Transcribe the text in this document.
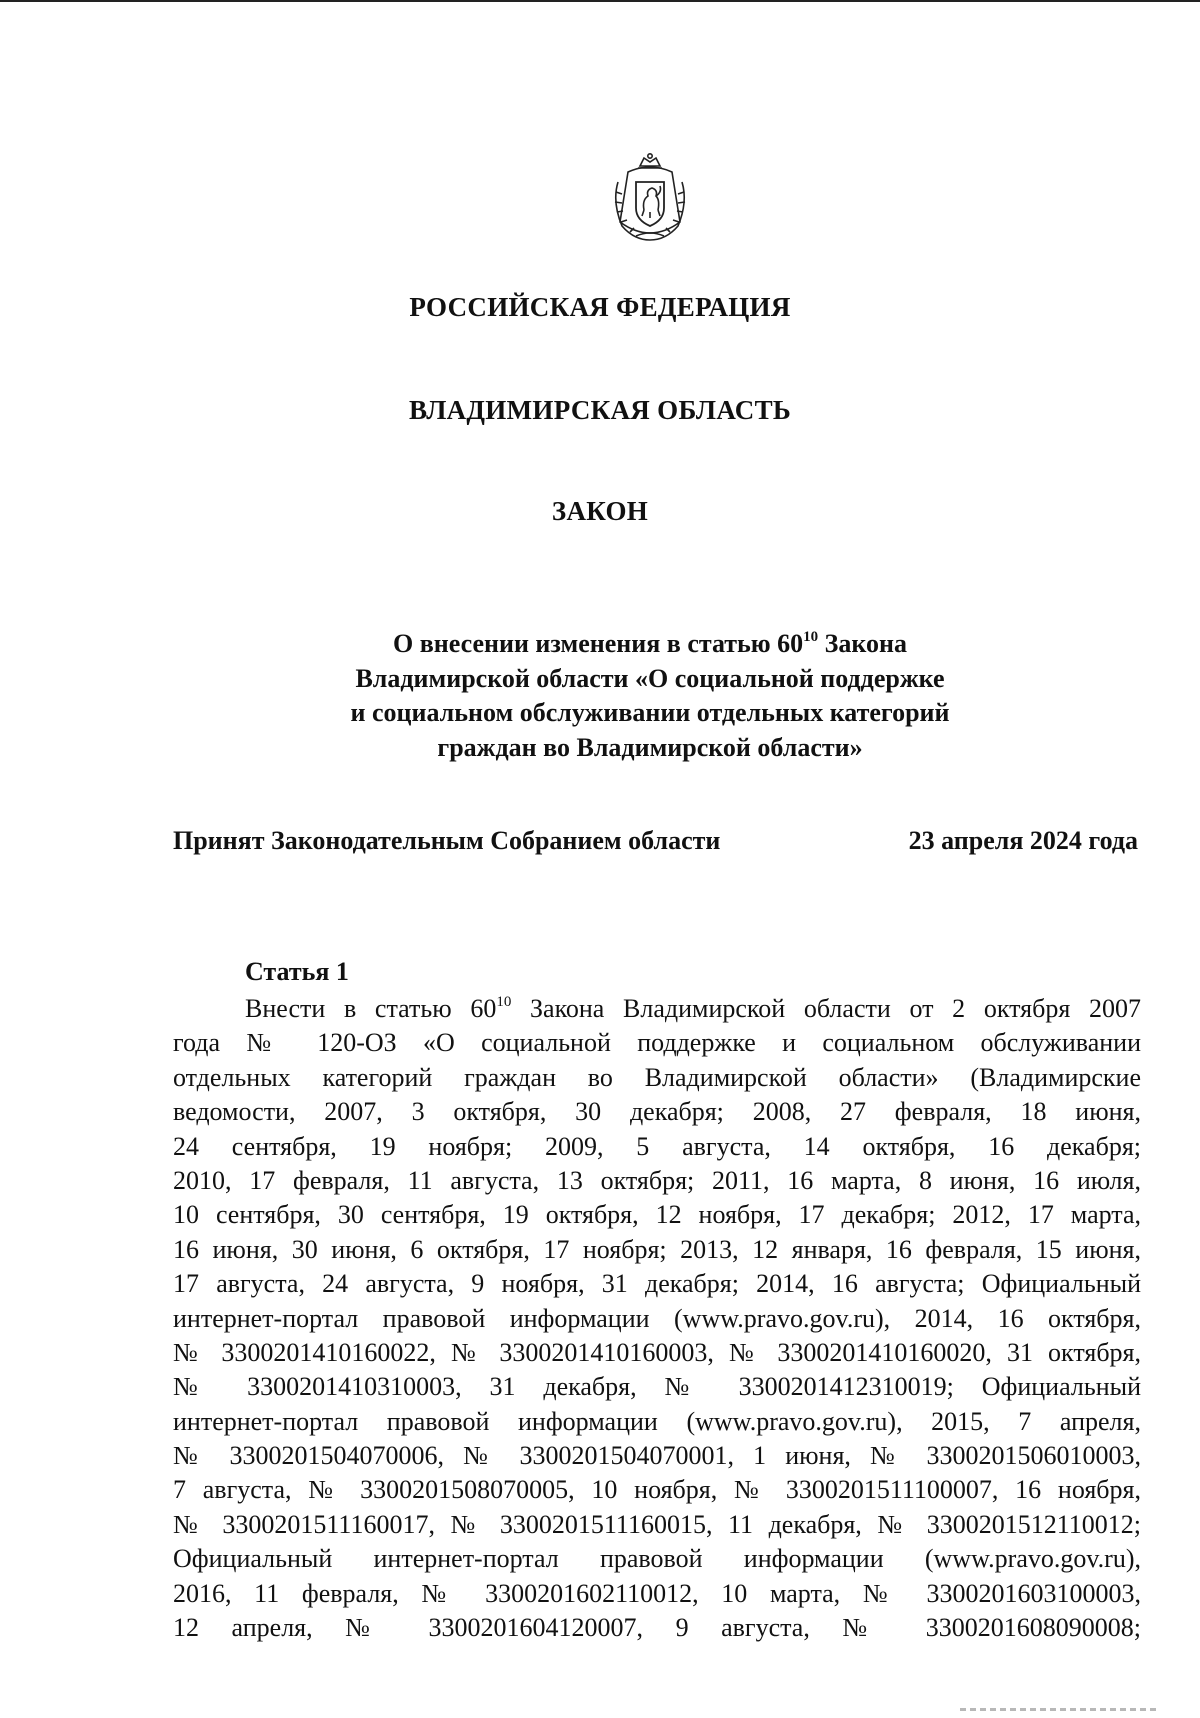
РОССИЙСКАЯ ФЕДЕРАЦИЯ
ВЛАДИМИРСКАЯ ОБЛАСТЬ
ЗАКОН
О внесении изменения в статью $60^{10}$ Закона
Владимирской области «О социальной поддержке
и социальном обслуживании отдельных категорий
граждан во Владимирской области»
Принят Законодательным Собранием области	23 апреля 2024 года
Статья 1
Внести в статью $60^{10}$ Закона Владимирской области от 2 октября 2007
года № 120-ОЗ «О социальной поддержке и социальном обслуживании
отдельных категорий граждан во Владимирской области» (Владимирские
ведомости, 2007, 3 октября, 30 декабря; 2008, 27 февраля, 18 июня,
24 сентября, 19 ноября; 2009, 5 августа, 14 октября, 16 декабря;
2010, 17 февраля, 11 августа, 13 октября; 2011, 16 марта, 8 июня, 16 июля,
10 сентября, 30 сентября, 19 октября, 12 ноября, 17 декабря; 2012, 17 марта,
16 июня, 30 июня, 6 октября, 17 ноября; 2013, 12 января, 16 февраля, 15 июня,
17 августа, 24 августа, 9 ноября, 31 декабря; 2014, 16 августа; Официальный
интернет-портал правовой информации (www.pravo.gov.ru), 2014, 16 октября,
№ 3300201410160022, № 3300201410160003, № 3300201410160020, 31 октября,
№ 3300201410310003, 31 декабря, № 3300201412310019; Официальный
интернет-портал правовой информации (www.pravo.gov.ru), 2015, 7 апреля,
№ 3300201504070006, № 3300201504070001, 1 июня, № 3300201506010003,
7 августа, № 3300201508070005, 10 ноября, № 3300201511100007, 16 ноября,
№ 3300201511160017, № 3300201511160015, 11 декабря, № 3300201512110012;
Официальный интернет-портал правовой информации (www.pravo.gov.ru),
2016, 11 февраля, № 3300201602110012, 10 марта, № 3300201603100003,
12 апреля, № 3300201604120007, 9 августа, № 3300201608090008;
